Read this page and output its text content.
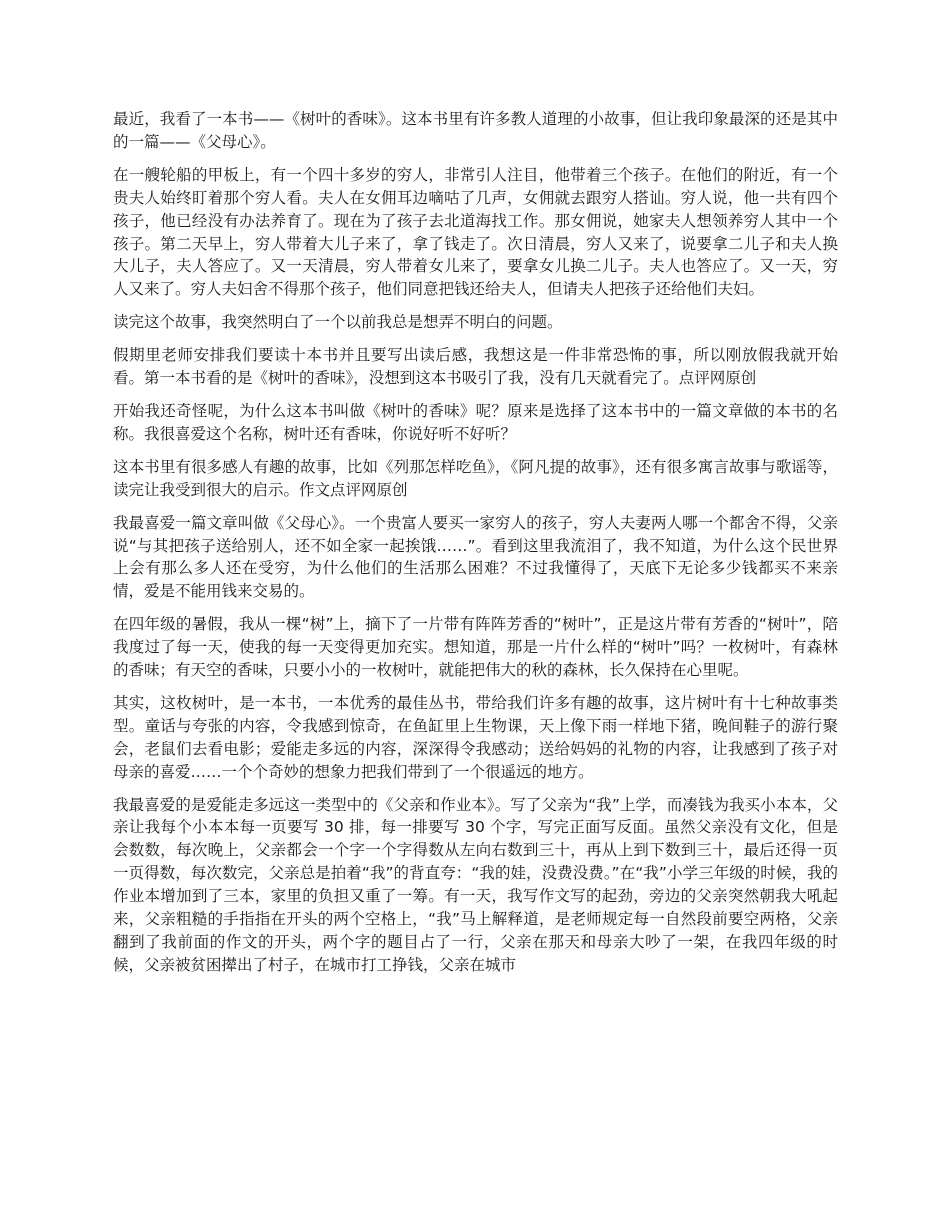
最近，我看了一本书——《树叶的香味》。这本书里有许多教人道理的小故事，但让我印象最深的还是其中的一篇——《父母心》。

在一艘轮船的甲板上，有一个四十多岁的穷人，非常引人注目，他带着三个孩子。在他们的附近，有一个贵夫人始终盯着那个穷人看。夫人在女佣耳边嘀咕了几声，女佣就去跟穷人搭讪。穷人说，他一共有四个孩子，他已经没有办法养育了。现在为了孩子去北道海找工作。那女佣说，她家夫人想领养穷人其中一个孩子。第二天早上，穷人带着大儿子来了，拿了钱走了。次日清晨，穷人又来了，说要拿二儿子和夫人换大儿子，夫人答应了。又一天清晨，穷人带着女儿来了，要拿女儿换二儿子。夫人也答应了。又一天，穷人又来了。穷人夫妇舍不得那个孩子，他们同意把钱还给夫人，但请夫人把孩子还给他们夫妇。

读完这个故事，我突然明白了一个以前我总是想弄不明白的问题。

假期里老师安排我们要读十本书并且要写出读后感，我想这是一件非常恐怖的事，所以刚放假我就开始看。第一本书看的是《树叶的香味》，没想到这本书吸引了我，没有几天就看完了。点评网原创

开始我还奇怪呢，为什么这本书叫做《树叶的香味》呢？原来是选择了这本书中的一篇文章做的本书的名称。我很喜爱这个名称，树叶还有香味，你说好听不好听？

这本书里有很多感人有趣的故事，比如《列那怎样吃鱼》，《阿凡提的故事》，还有很多寓言故事与歌谣等，读完让我受到很大的启示。作文点评网原创

我最喜爱一篇文章叫做《父母心》。一个贵富人要买一家穷人的孩子，穷人夫妻两人哪一个都舍不得，父亲说“与其把孩子送给别人，还不如全家一起挨饿……”。看到这里我流泪了，我不知道，为什么这个民世界上会有那么多人还在受穷，为什么他们的生活那么困难？不过我懂得了，天底下无论多少钱都买不来亲情，爱是不能用钱来交易的。

在四年级的暑假，我从一棵“树”上，摘下了一片带有阵阵芳香的“树叶”，正是这片带有芳香的“树叶”，陪我度过了每一天，使我的每一天变得更加充实。想知道，那是一片什么样的“树叶”吗？一枚树叶，有森林的香味；有天空的香味，只要小小的一枚树叶，就能把伟大的秋的森林，长久保持在心里呢。

其实，这枚树叶，是一本书，一本优秀的最佳丛书，带给我们许多有趣的故事，这片树叶有十七种故事类型。童话与夸张的内容，令我感到惊奇，在鱼缸里上生物课，天上像下雨一样地下猪，晚间鞋子的游行聚会，老鼠们去看电影；爱能走多远的内容，深深得令我感动；送给妈妈的礼物的内容，让我感到了孩子对母亲的喜爱……一个个奇妙的想象力把我们带到了一个很遥远的地方。

我最喜爱的是爱能走多远这一类型中的《父亲和作业本》。写了父亲为“我”上学，而凑钱为我买小本本，父亲让我每个小本本每一页要写 30 排，每一排要写 30 个字，写完正面写反面。虽然父亲没有文化，但是会数数，每次晚上，父亲都会一个字一个字得数从左向右数到三十，再从上到下数到三十，最后还得一页一页得数，每次数完，父亲总是拍着“我”的背直夸：“我的娃，没费没费。”在“我”小学三年级的时候，我的作业本增加到了三本，家里的负担又重了一筹。有一天，我写作文写的起劲，旁边的父亲突然朝我大吼起来，父亲粗糙的手指指在开头的两个空格上，“我”马上解释道，是老师规定每一自然段前要空两格，父亲翻到了我前面的作文的开头，两个字的题目占了一行，父亲在那天和母亲大吵了一架，在我四年级的时候，父亲被贫困撵出了村子，在城市打工挣钱，父亲在城市
